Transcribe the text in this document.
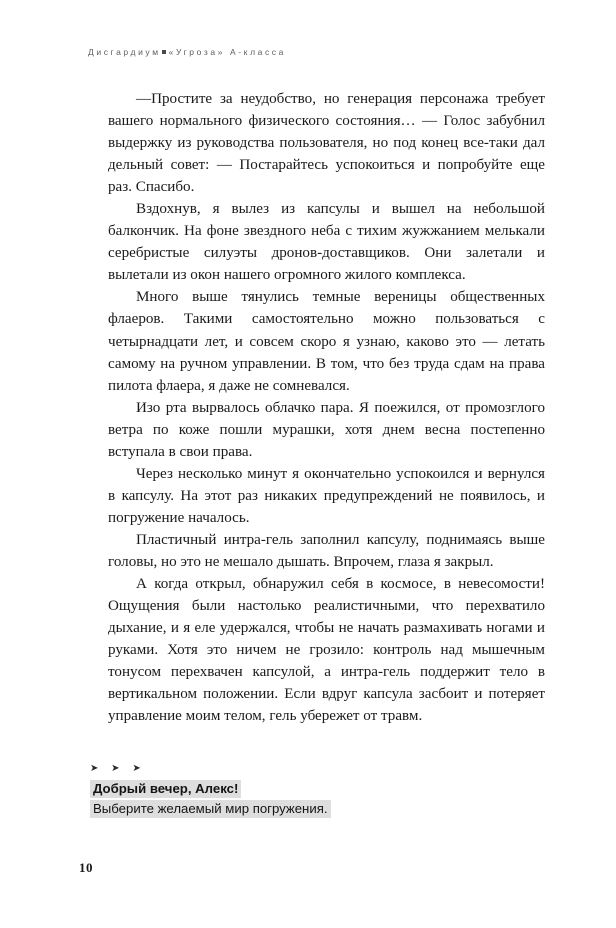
Дисгардиум «Угроза» А-класса

—Простите за неудобство, но генерация персонажа требует вашего нормального физического состояния… — Голос забубнил выдержку из руководства пользователя, но под конец все-таки дал дельный совет: — Постарайтесь успокоиться и попробуйте еще раз. Спасибо.

Вздохнув, я вылез из капсулы и вышел на небольшой балкончик. На фоне звездного неба с тихим жужжанием мелькали серебристые силуэты дронов-доставщиков. Они залетали и вылетали из окон нашего огромного жилого комплекса.

Много выше тянулись темные вереницы общественных флаеров. Такими самостоятельно можно пользоваться с четырнадцати лет, и совсем скоро я узнаю, каково это — летать самому на ручном управлении. В том, что без труда сдам на права пилота флаера, я даже не сомневался.

Изо рта вырвалось облачко пара. Я поежился, от промозглого ветра по коже пошли мурашки, хотя днем весна постепенно вступала в свои права.

Через несколько минут я окончательно успокоился и вернулся в капсулу. На этот раз никаких предупреждений не появилось, и погружение началось.

Пластичный интра-гель заполнил капсулу, поднимаясь выше головы, но это не мешало дышать. Впрочем, глаза я закрыл.

А когда открыл, обнаружил себя в космосе, в невесомости! Ощущения были настолько реалистичными, что перехватило дыхание, и я еле удержался, чтобы не начать размахивать ногами и руками. Хотя это ничем не грозило: контроль над мышечным тонусом перехвачен капсулой, а интра-гель поддержит тело в вертикальном положении. Если вдруг капсула засбоит и потеряет управление моим телом, гель убережет от травм.

➤ ➤ ➤
Добрый вечер, Алекс!
Выберите желаемый мир погружения.
10
